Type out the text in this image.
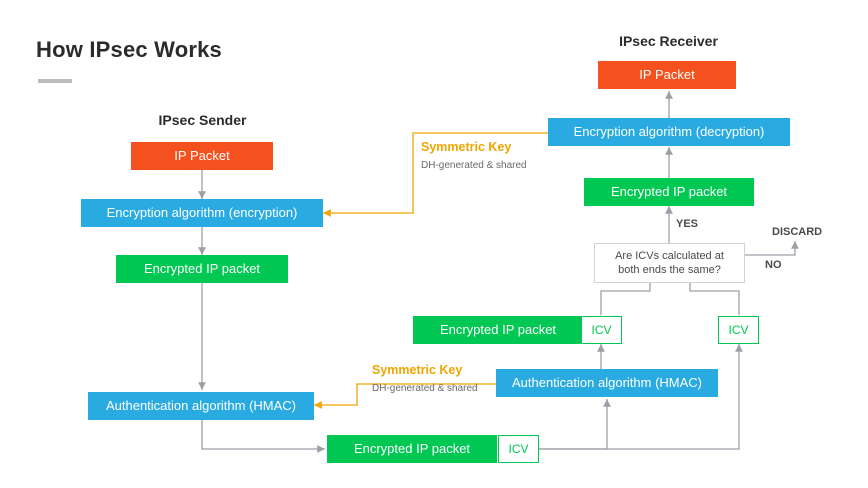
How IPsec Works
IPsec Sender
IPsec Receiver
IP Packet
Encryption algorithm (encryption)
Encrypted IP packet
Authentication algorithm (HMAC)
Encrypted IP packet	ICV
Authentication algorithm (HMAC)
Encrypted IP packet	ICV	ICV
Are ICVs calculated at both ends the same?
Encrypted IP packet
Encryption algorithm (decryption)
IP Packet
Symmetric Key
DH-generated & shared
Symmetric Key
DH-generated & shared
YES
NO
DISCARD
